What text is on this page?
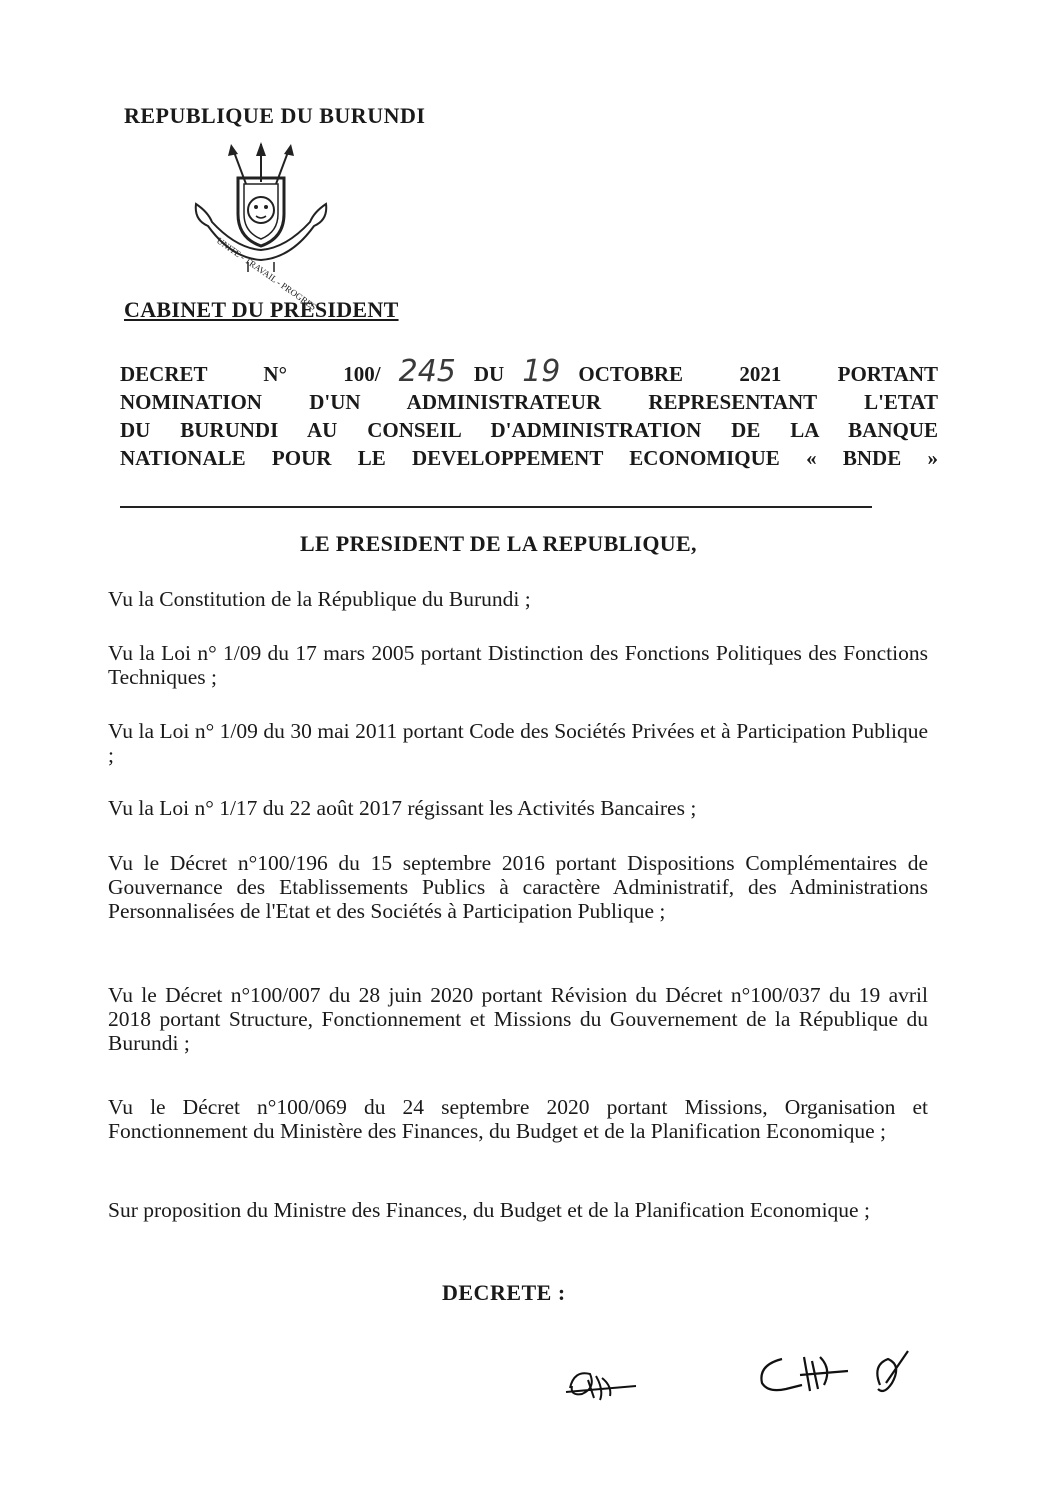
REPUBLIQUE DU BURUNDI
UNITE - TRAVAIL - PROGRES
CABINET DU PRESIDENT
DECRET N° 100/ 245 DU 19 OCTOBRE 2021 PORTANT
NOMINATION D'UN ADMINISTRATEUR REPRESENTANT L'ETAT
DU BURUNDI AU CONSEIL D'ADMINISTRATION DE LA BANQUE
NATIONALE POUR LE DEVELOPPEMENT ECONOMIQUE « BNDE »
LE PRESIDENT DE LA REPUBLIQUE,
Vu la Constitution de la République du Burundi ;
Vu la Loi n° 1/09 du 17 mars 2005 portant Distinction des Fonctions Politiques des Fonctions Techniques ;
Vu la Loi n° 1/09 du 30 mai 2011 portant Code des Sociétés Privées et à Participation Publique ;
Vu la Loi n° 1/17 du 22 août 2017 régissant les Activités Bancaires ;
Vu le Décret n°100/196 du 15 septembre 2016 portant Dispositions Complémentaires de Gouvernance des Etablissements Publics à caractère Administratif, des Administrations Personnalisées de l'Etat et des Sociétés à Participation Publique ;
Vu le Décret n°100/007 du 28 juin 2020 portant Révision du Décret n°100/037 du 19 avril 2018 portant Structure, Fonctionnement et Missions du Gouvernement de la République du Burundi ;
Vu le Décret n°100/069 du 24 septembre 2020 portant Missions, Organisation et Fonctionnement du Ministère des Finances, du Budget et de la Planification Economique ;
Sur proposition du Ministre des Finances, du Budget et de la Planification Economique ;
DECRETE :
